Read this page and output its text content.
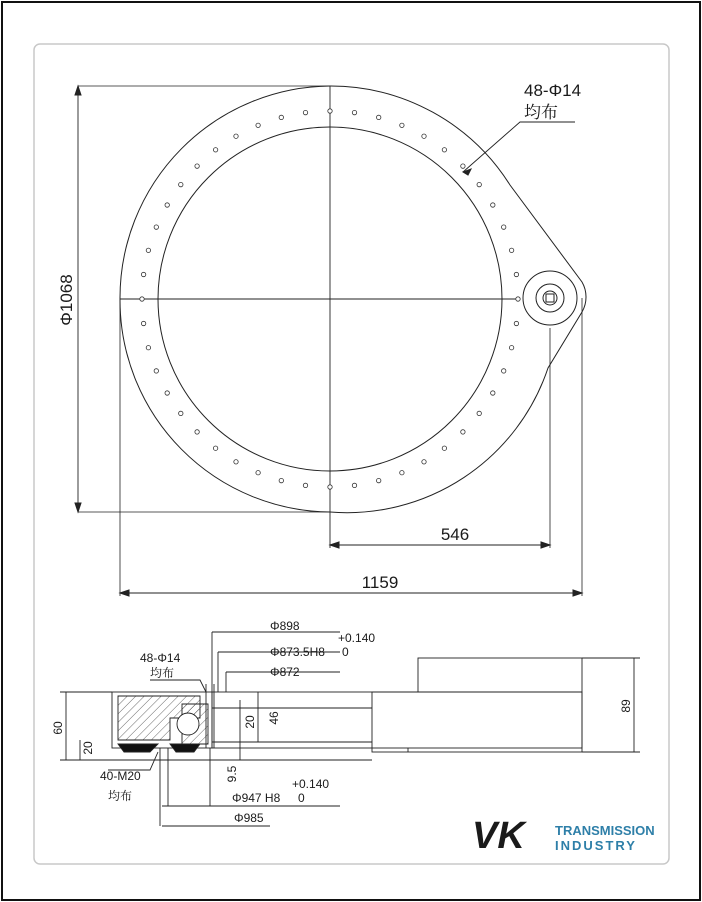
48-Φ14
均布
Φ1068
546
1159
48-Φ14
均布
Φ898
+0.140
Φ873.5H8 0
Φ872
60
20
20 46
9.5
89
40-M20
均布	Φ947 H8
+0.140
0
Φ985	VK TRANSMISSION
INDUSTRY
